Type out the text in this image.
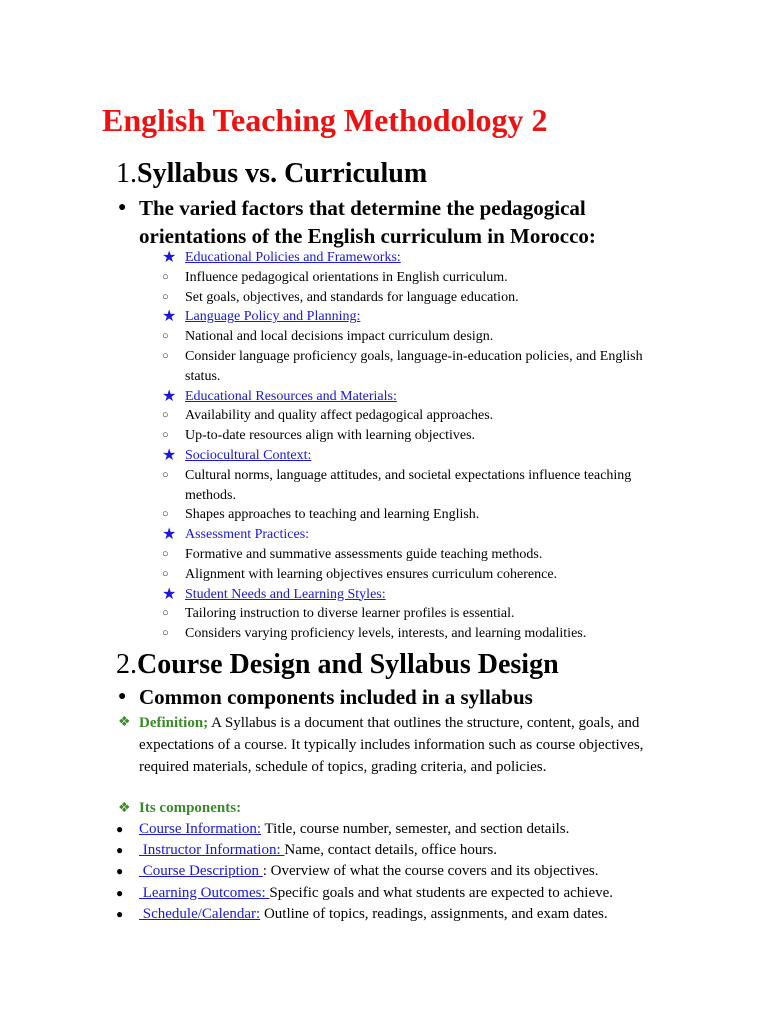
English Teaching Methodology 2
1.Syllabus vs. Curriculum
● The varied factors that determine the pedagogical
orientations of the English curriculum in Morocco:

★ Educational Policies and Frameworks:
○	Influence pedagogical orientations in English curriculum.
○	Set goals, objectives, and standards for language education.
★ Language Policy and Planning:
○	National and local decisions impact curriculum design.
○	Consider language proficiency goals, language-in-education policies, and English status.
★ Educational Resources and Materials:
○	Availability and quality affect pedagogical approaches.
○	Up-to-date resources align with learning objectives.
★ Sociocultural Context:
○	Cultural norms, language attitudes, and societal expectations influence teaching methods.
○	Shapes approaches to teaching and learning English.
★ Assessment Practices:
○	Formative and summative assessments guide teaching methods.
○	Alignment with learning objectives ensures curriculum coherence.
★ Student Needs and Learning Styles:
○	Tailoring instruction to diverse learner profiles is essential.
○	Considers varying proficiency levels, interests, and learning modalities.
2.Course Design and Syllabus Design
● Common components included in a syllabus

❖ Definition; A Syllabus is a document that outlines the structure, content, goals, and expectations of a course. It typically includes information such as course objectives, required materials, schedule of topics, grading criteria, and policies.
❖ Its components:
● Course Information: Title, course number, semester, and section details.
● Instructor Information: Name, contact details, office hours.
● Course Description : Overview of what the course covers and its objectives.
● Learning Outcomes: Specific goals and what students are expected to achieve.
● Schedule/Calendar: Outline of topics, readings, assignments, and exam dates.
